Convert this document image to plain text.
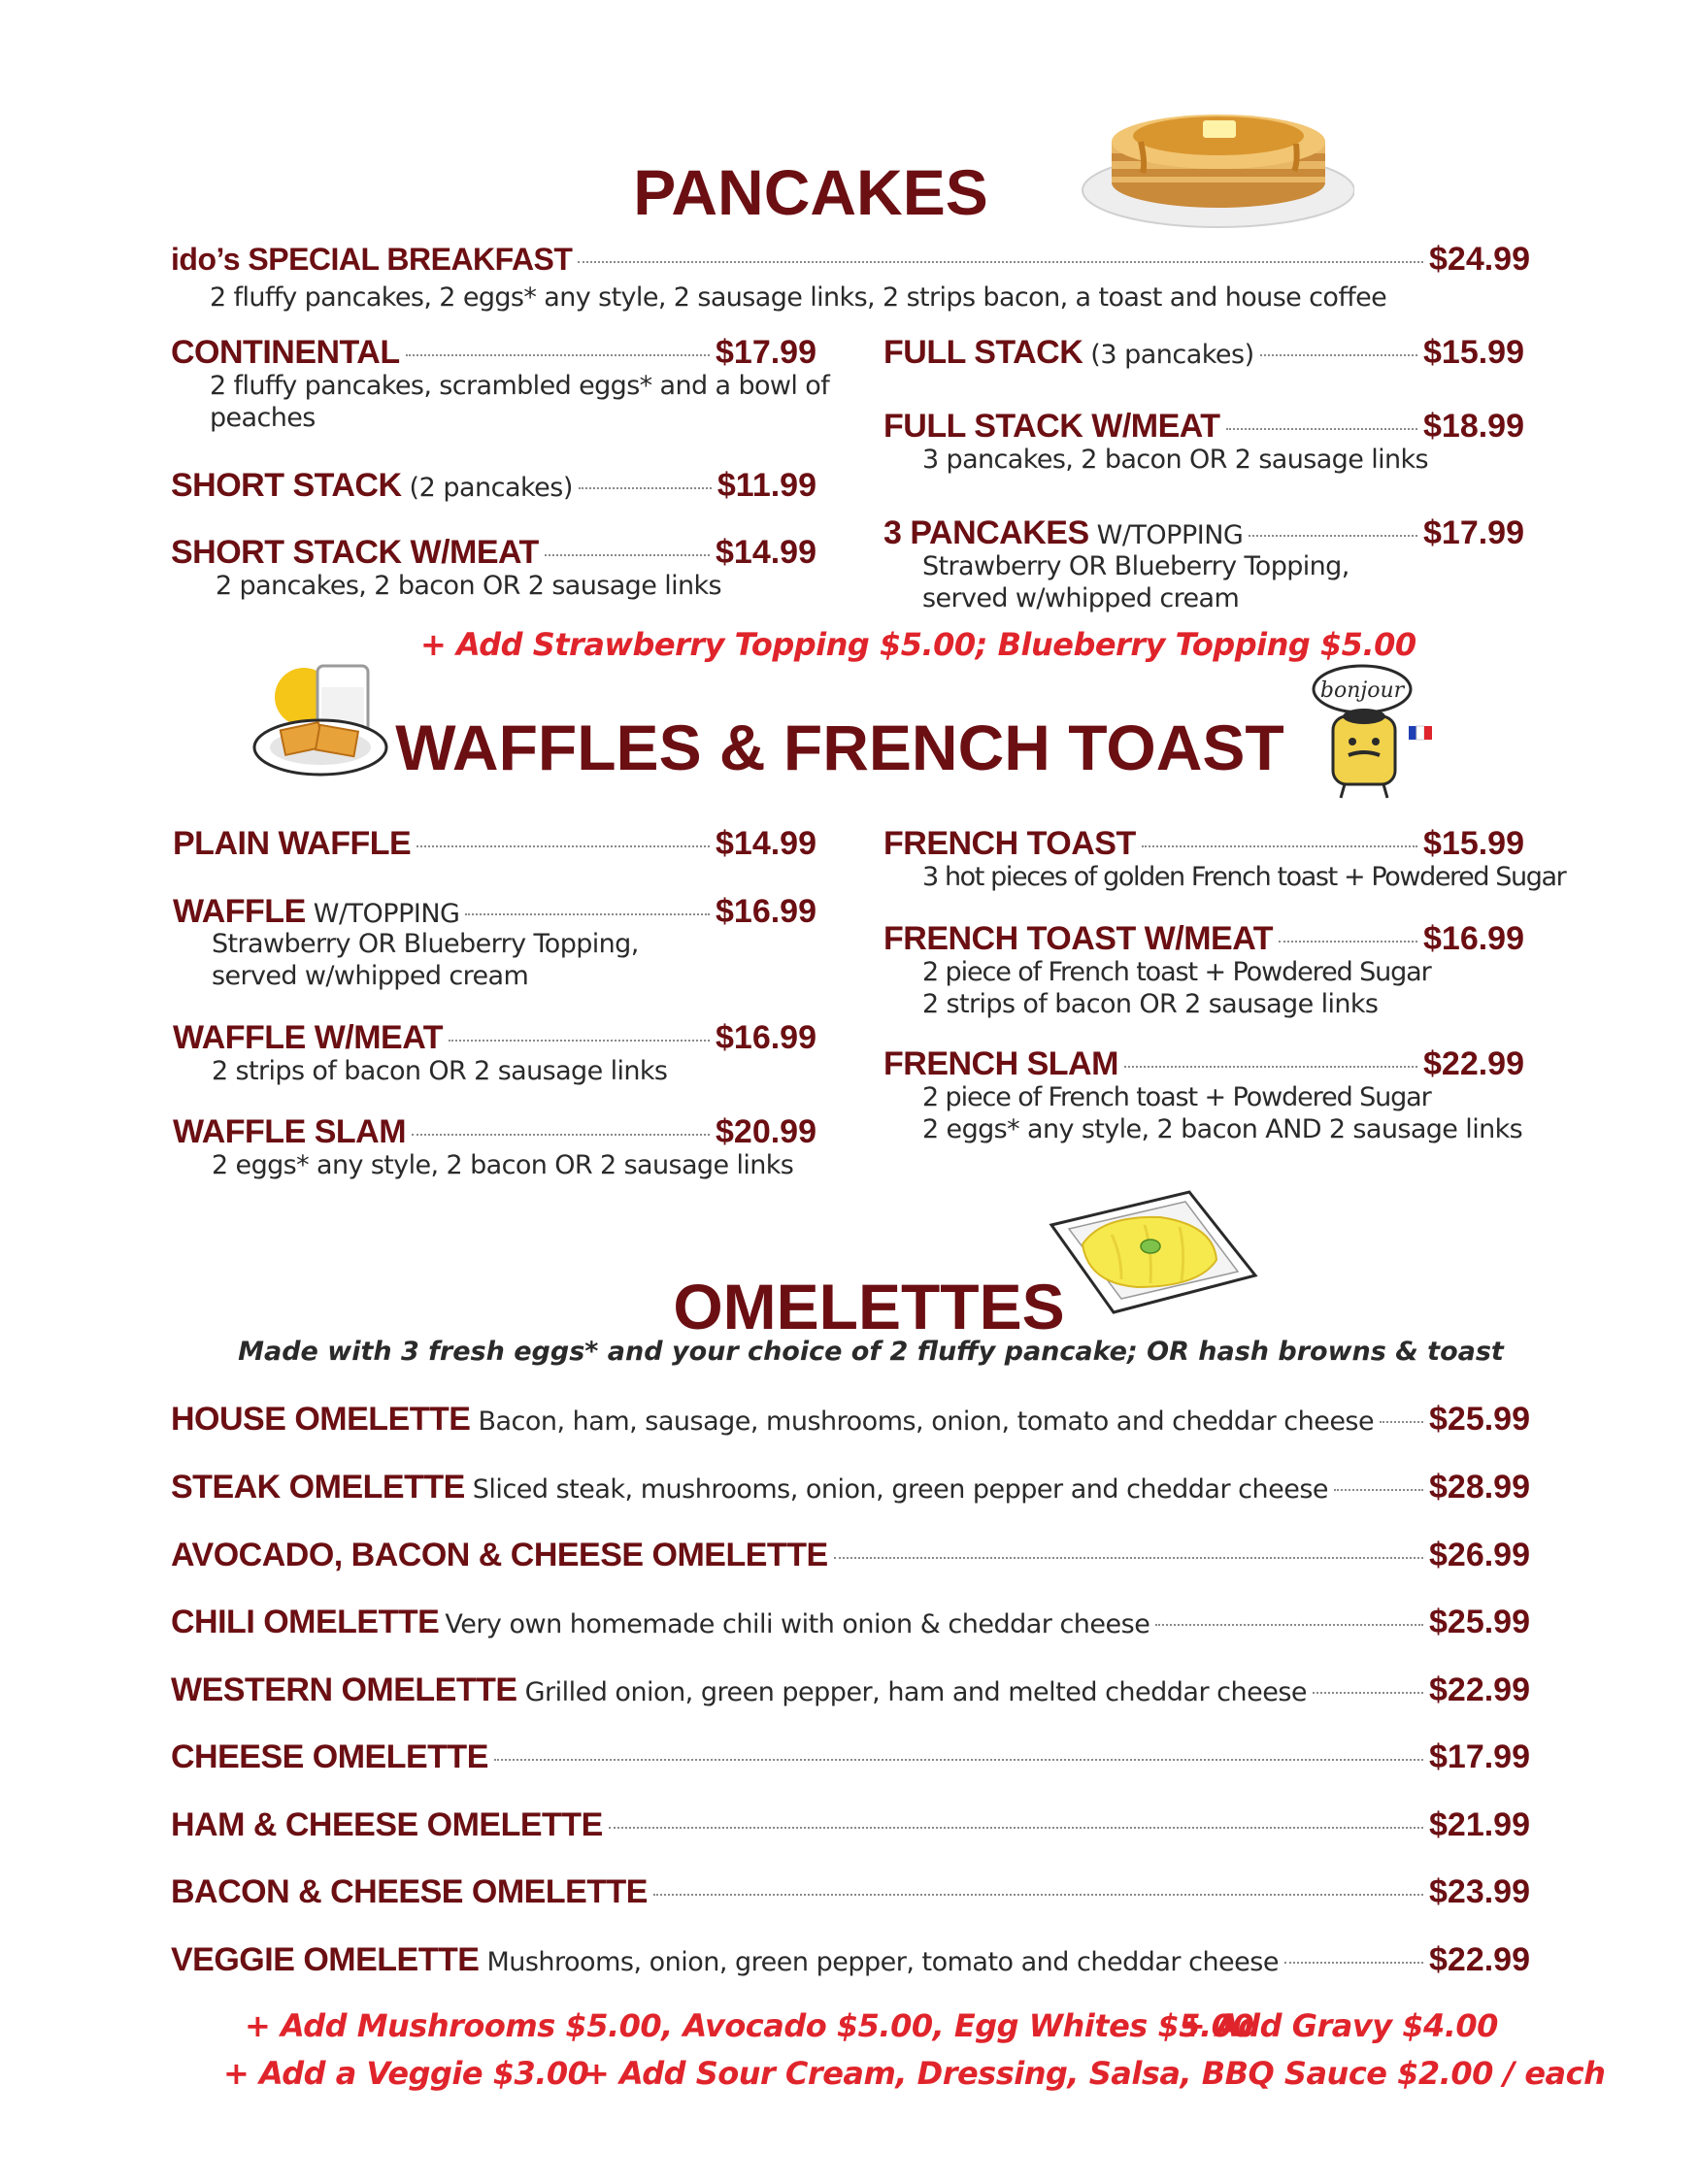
PANCAKES
ido’s SPECIAL BREAKFAST	$24.99
2 fluffy pancakes, 2 eggs* any style, 2 sausage links, 2 strips bacon, a toast and house coffee
CONTINENTAL	$17.99
2 fluffy pancakes, scrambled eggs* and a bowl of
peaches
SHORT STACK (2 pancakes)	$11.99
SHORT STACK W/MEAT	$14.99
2 pancakes, 2 bacon OR 2 sausage links
FULL STACK (3 pancakes)	$15.99
FULL STACK W/MEAT	$18.99
3 pancakes, 2 bacon OR 2 sausage links
3 PANCAKES W/TOPPING	$17.99
Strawberry OR Blueberry Topping,
served w/whipped cream
+ Add Strawberry Topping $5.00; Blueberry Topping $5.00
WAFFLES & FRENCH TOAST
bonjour
PLAIN WAFFLE	$14.99
WAFFLE W/TOPPING	$16.99
Strawberry OR Blueberry Topping,
served w/whipped cream
WAFFLE W/MEAT	$16.99
2 strips of bacon OR 2 sausage links
WAFFLE SLAM	$20.99
2 eggs* any style, 2 bacon OR 2 sausage links
FRENCH TOAST	$15.99
3 hot pieces of golden French toast + Powdered Sugar
FRENCH TOAST W/MEAT	$16.99
2 piece of French toast + Powdered Sugar
2 strips of bacon OR 2 sausage links
FRENCH SLAM	$22.99
2 piece of French toast + Powdered Sugar
2 eggs* any style, 2 bacon AND 2 sausage links
OMELETTES
Made with 3 fresh eggs* and your choice of 2 fluffy pancake; OR hash browns & toast
HOUSE OMELETTE Bacon, ham, sausage, mushrooms, onion, tomato and cheddar cheese $25.99
STEAK OMELETTE Sliced steak, mushrooms, onion, green pepper and cheddar cheese	$28.99
AVOCADO, BACON & CHEESE OMELETTE	$26.99
CHILI OMELETTE Very own homemade chili with onion & cheddar cheese	$25.99
WESTERN OMELETTE Grilled onion, green pepper, ham and melted cheddar cheese	$22.99
CHEESE OMELETTE	$17.99
HAM & CHEESE OMELETTE	$21.99
BACON & CHEESE OMELETTE	$23.99
VEGGIE OMELETTE Mushrooms, onion, green pepper, tomato and cheddar cheese	$22.99
+ Add Mushrooms $5.00, Avocado $5.00, Egg Whites $5.00
+ Add Gravy $4.00
+ Add a Veggie $3.00
+ Add Sour Cream, Dressing, Salsa, BBQ Sauce $2.00 / each
